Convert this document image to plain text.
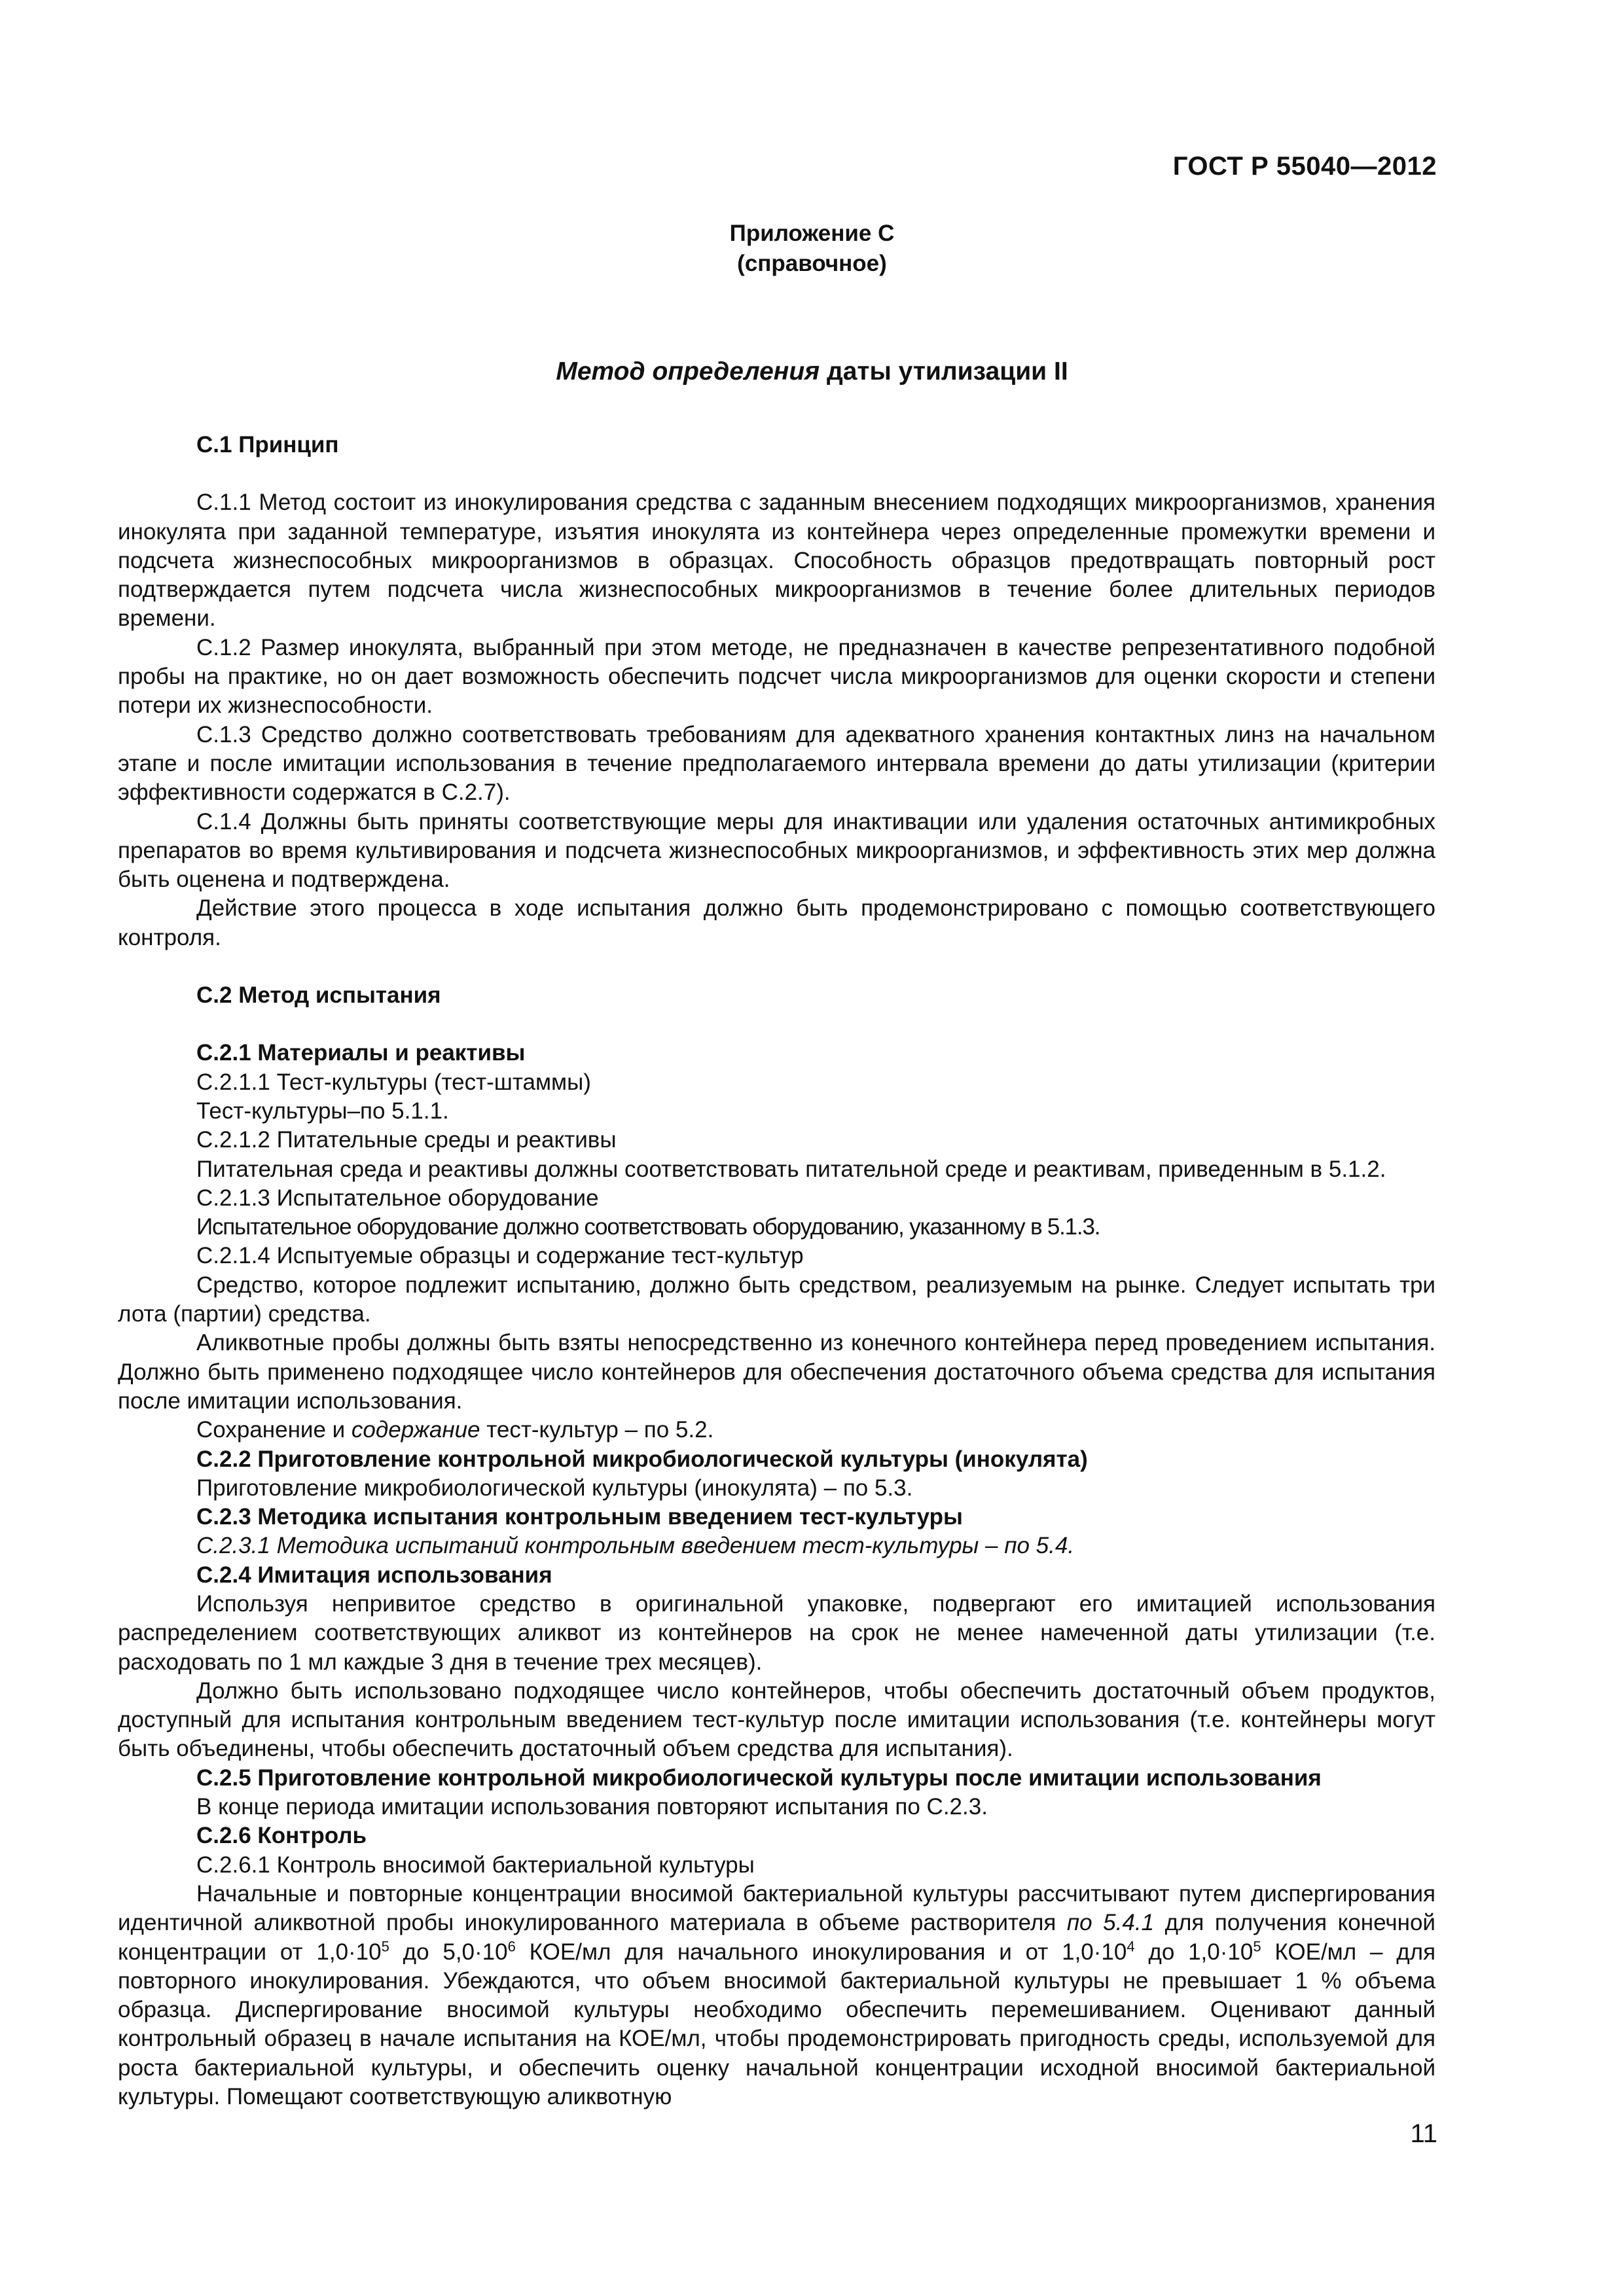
ГОСТ Р 55040—2012
Приложение С
(справочное)
Метод определения даты утилизации II
С.1 Принцип

С.1.1 Метод состоит из инокулирования средства с заданным внесением подходящих микроорганизмов, хранения инокулята при заданной температуре, изъятия инокулята из контейнера через определенные промежутки времени и подсчета жизнеспособных микроорганизмов в образцах. Способность образцов предотвращать повторный рост подтверждается путем подсчета числа жизнеспособных микроорганизмов в течение более длительных периодов времени.

С.1.2 Размер инокулята, выбранный при этом методе, не предназначен в качестве репрезентативного подобной пробы на практике, но он дает возможность обеспечить подсчет числа микроорганизмов для оценки скорости и степени потери их жизнеспособности.

С.1.3 Средство должно соответствовать требованиям для адекватного хранения контактных линз на начальном этапе и после имитации использования в течение предполагаемого интервала времени до даты утилизации (критерии эффективности содержатся в С.2.7).

С.1.4 Должны быть приняты соответствующие меры для инактивации или удаления остаточных антимикробных препаратов во время культивирования и подсчета жизнеспособных микроорганизмов, и эффективность этих мер должна быть оценена и подтверждена.

Действие этого процесса в ходе испытания должно быть продемонстрировано с помощью соответствующего контроля.

С.2 Метод испытания
С.2.1 Материалы и реактивы
С.2.1.1 Тест-культуры (тест-штаммы)
Тест-культуры–по 5.1.1.
С.2.1.2 Питательные среды и реактивы

Питательная среда и реактивы должны соответствовать питательной среде и реактивам, приведенным в 5.1.2.

С.2.1.3 Испытательное оборудование
Испытательное оборудование должно соответствовать оборудованию, указанному в 5.1.3.
С.2.1.4 Испытуемые образцы и содержание тест-культур

Средство, которое подлежит испытанию, должно быть средством, реализуемым на рынке. Следует испытать три лота (партии) средства.

Аликвотные пробы должны быть взяты непосредственно из конечного контейнера перед проведением испытания. Должно быть применено подходящее число контейнеров для обеспечения достаточного объема средства для испытания после имитации использования.

Сохранение и содержание тест-культур – по 5.2.
С.2.2 Приготовление контрольной микробиологической культуры (инокулята)
Приготовление микробиологической культуры (инокулята) – по 5.3.
С.2.3 Методика испытания контрольным введением тест-культуры
С.2.3.1 Методика испытаний контрольным введением тест-культуры – по 5.4.
С.2.4 Имитация использования

Используя непривитое средство в оригинальной упаковке, подвергают его имитацией использования распределением соответствующих аликвот из контейнеров на срок не менее намеченной даты утилизации (т.е. расходовать по 1 мл каждые 3 дня в течение трех месяцев).

Должно быть использовано подходящее число контейнеров, чтобы обеспечить достаточный объем продуктов, доступный для испытания контрольным введением тест-культур после имитации использования (т.е. контейнеры могут быть объединены, чтобы обеспечить достаточный объем средства для испытания).

С.2.5 Приготовление контрольной микробиологической культуры после имитации использования
В конце периода имитации использования повторяют испытания по С.2.3.
С.2.6 Контроль
С.2.6.1 Контроль вносимой бактериальной культуры

Начальные и повторные концентрации вносимой бактериальной культуры рассчитывают путем диспергирования идентичной аликвотной пробы инокулированного материала в объеме растворителя по 5.4.1 для получения конечной концентрации от $1,0\cdot 10^5$ до $5,0\cdot 10^6$ КОЕ/мл для начального инокулирования и от $1,0\cdot 10^4$ до $1,0\cdot 10^5$ КОЕ/мл – для повторного инокулирования. Убеждаются, что объем вносимой бактериальной культуры не превышает 1 % объема образца. Диспергирование вносимой культуры необходимо обеспечить перемешиванием. Оценивают данный контрольный образец в начале испытания на КОЕ/мл, чтобы продемонстрировать пригодность среды, используемой для роста бактериальной культуры, и обеспечить оценку начальной концентрации исходной вносимой бактериальной культуры. Помещают соответствующую аликвотную

11
